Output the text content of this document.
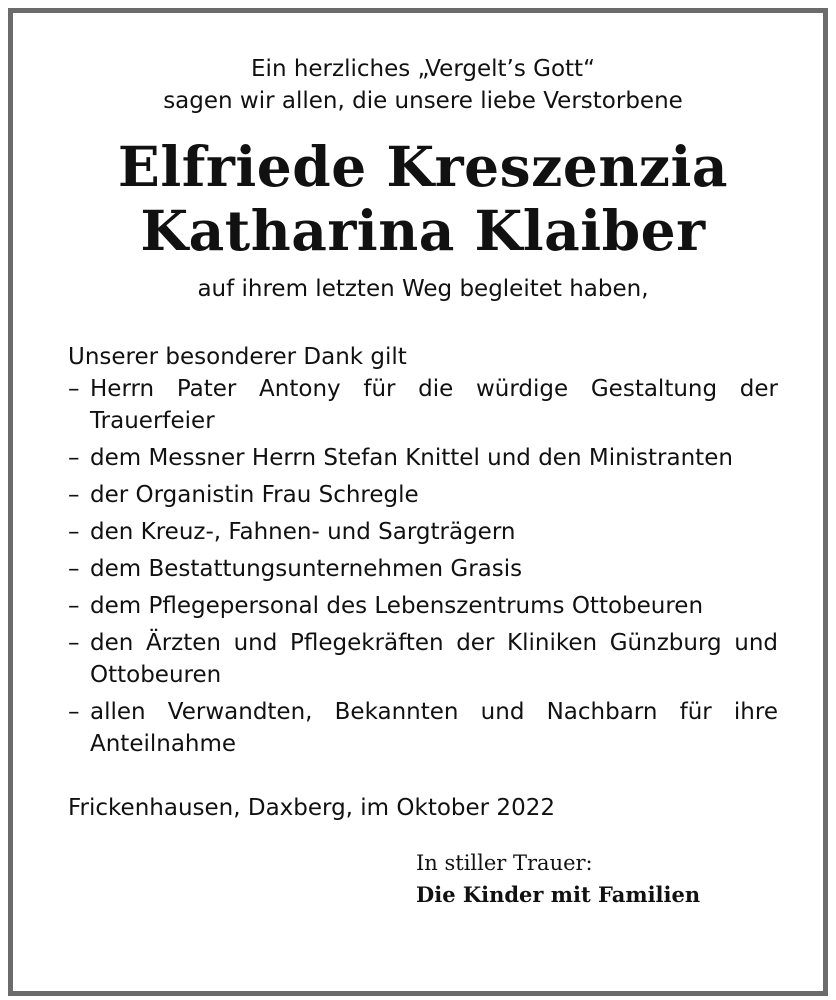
Ein herzliches „Vergelt’s Gott“
sagen wir allen, die unsere liebe Verstorbene
Elfriede Kreszenzia
Katharina Klaiber
auf ihrem letzten Weg begleitet haben,
Unserer besonderer Dank gilt
– Herrn Pater Antony für die würdige Gestaltung der Trauerfeier
– dem Messner Herrn Stefan Knittel und den Ministranten
– der Organistin Frau Schregle
– den Kreuz-, Fahnen- und Sargträgern
– dem Bestattungsunternehmen Grasis
– dem Pflegepersonal des Lebenszentrums Ottobeuren
– den Ärzten und Pflegekräften der Kliniken Günzburg und Ottobeuren
– allen Verwandten, Bekannten und Nachbarn für ihre Anteilnahme
Frickenhausen, Daxberg, im Oktober 2022
In stiller Trauer:
Die Kinder mit Familien
